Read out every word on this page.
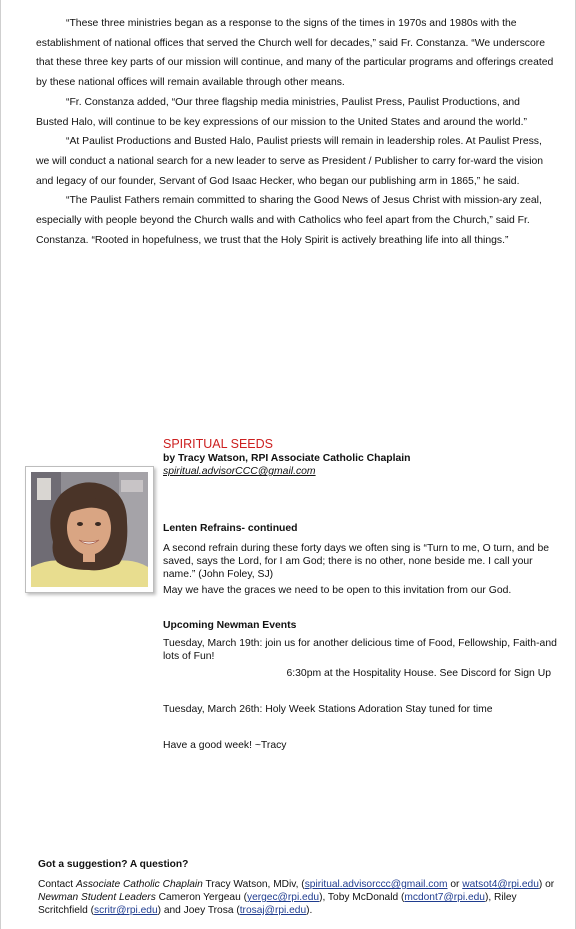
“These three ministries began as a response to the signs of the times in 1970s and 1980s with the establishment of national offices that served the Church well for decades,” said Fr. Constanza. “We underscore that these three key parts of our mission will continue, and many of the particular programs and offerings created by these national offices will remain available through other means.

“Fr. Constanza added, “Our three flagship media ministries, Paulist Press, Paulist Productions, and Busted Halo, will continue to be key expressions of our mission to the United States and around the world.”

“At Paulist Productions and Busted Halo, Paulist priests will remain in leadership roles. At Paulist Press, we will conduct a national search for a new leader to serve as President / Publisher to carry for-ward the vision and legacy of our founder, Servant of God Isaac Hecker, who began our publishing arm in 1865,” he said.

“The Paulist Fathers remain committed to sharing the Good News of Jesus Christ with mission-ary zeal, especially with people beyond the Church walls and with Catholics who feel apart from the Church,” said Fr. Constanza. “Rooted in hopefulness, we trust that the Holy Spirit is actively breathing life into all things.”

SPIRITUAL SEEDS
by Tracy Watson, RPI Associate Catholic Chaplain
spiritual.advisorCCC@gmail.com
Lenten Refrains- continued
A second refrain during these forty days we often sing is “Turn to me, O turn, and be saved, says the Lord, for I am God; there is no other, none beside me. I call your name.” (John Foley, SJ)
May we have the graces we need to be open to this invitation from our God.
Upcoming Newman Events
Tuesday, March 19th: join us for another delicious time of Food, Fellowship, Faith-and lots of Fun!
6:30pm at the Hospitality House. See Discord for Sign Up
Tuesday, March 26th: Holy Week Stations Adoration Stay tuned for time
Have a good week! ~Tracy
Got a suggestion? A question?
Contact Associate Catholic Chaplain Tracy Watson, MDiv, (spiritual.advisorccc@gmail.com or watsot4@rpi.edu) or Newman Student Leaders Cameron Yergeau (yergec@rpi.edu), Toby McDonald (mcdont7@rpi.edu), Riley Scritchfield (scritr@rpi.edu) and Joey Trosa (trosaj@rpi.edu).
